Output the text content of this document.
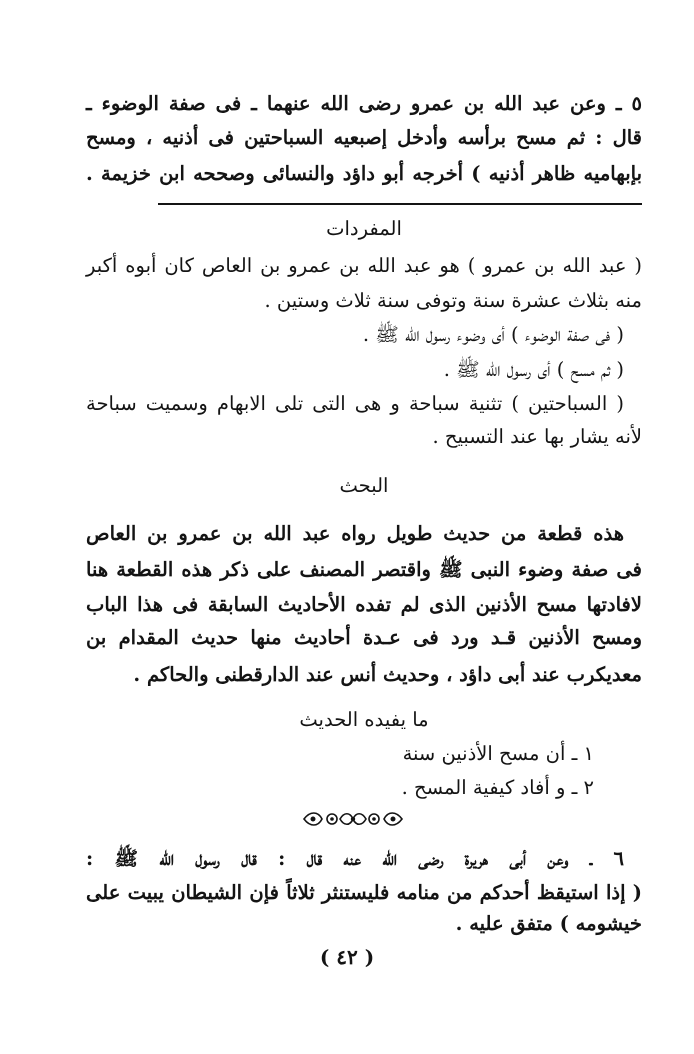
٥ ـ وعن عبد الله بن عمرو رضى الله عنهما ـ فى صفة الوضوء ـ
قال : ثم مسح برأسه وأدخل إصبعيه السباحتين فى أذنيه ، ومسح
بإبهاميه ظاهر أذنيه ) أخرجه أبو داؤد والنسائى وصححه ابن خزيمة .
المفردات
( عبد الله بن عمرو ) هو عبد الله بن عمرو بن العاص كان أبوه أكبر
منه بثلاث عشرة سنة وتوفى سنة ثلاث وستين .
( فى صفة الوضوء ) أى وضوء رسول الله ﷺ .
( ثم مسح ) أى رسول الله ﷺ .
( السباحتين ) تثنية سباحة و هى التى تلى الابهام وسميت سباحة
لأنه يشار بها عند التسبيح .
البحث
هذه قطعة من حديث طويل رواه عبد الله بن عمرو بن العاص
فى صفة وضوء النبى ﷺ واقتصر المصنف على ذكر هذه القطعة هنا
لافادتها مسح الأذنين الذى لم تفده الأحاديث السابقة فى هذا الباب
ومسح الأذنين قـد ورد فى عـدة أحاديث منها حديث المقدام بن
معديكرب عند أبى داؤد ، وحديث أنس عند الدارقطنى والحاكم .
ما يفيده الحديث
١ ـ أن مسح الأذنين سنة
٢ ـ و أفاد كيفية المسح .
٦ ـ وعن أبى هريرة رضى الله عنه قال : قال رسول الله ﷺ :
( إذا استيقظ أحدكم من منامه فليستنثر ثلاثاً فإن الشيطان يبيت على
خيشومه ) متفق عليه .
( ٤٢ )
